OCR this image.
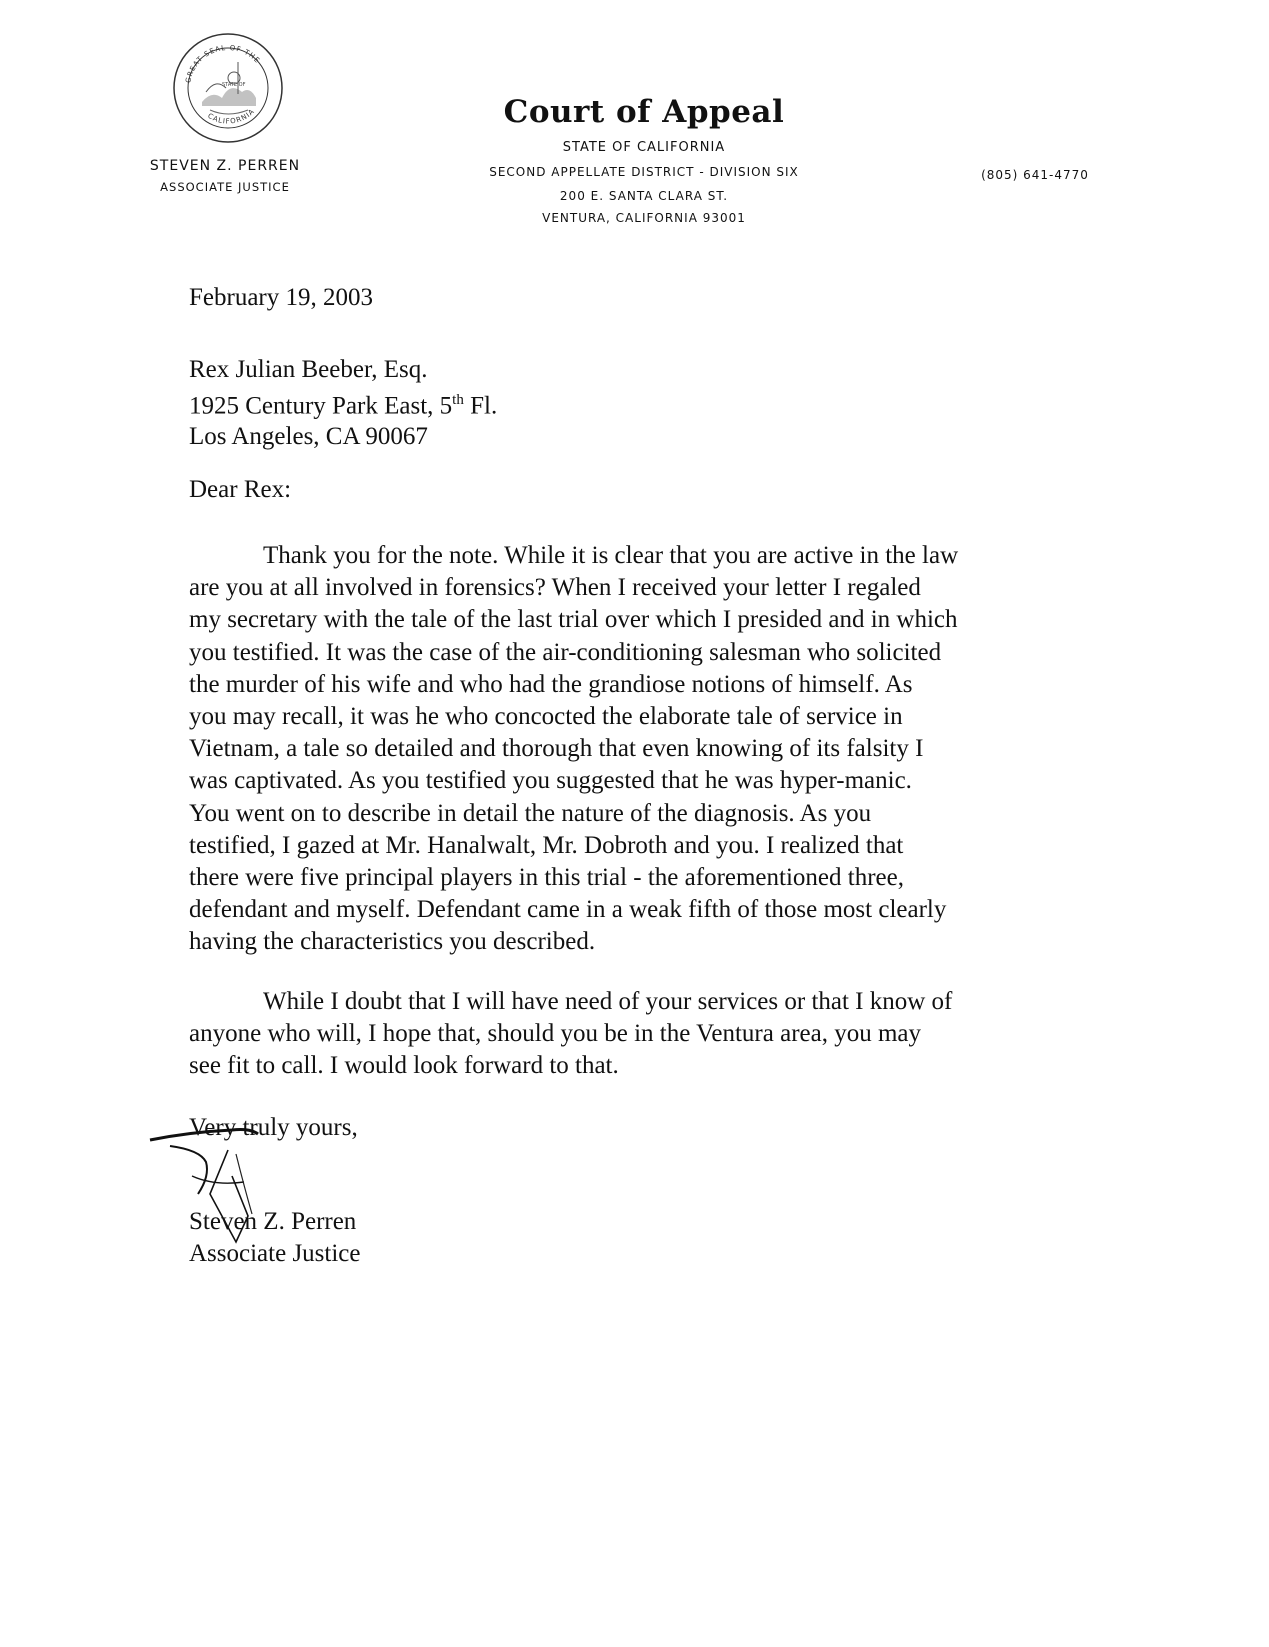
GREAT SEAL OF THE
CALIFORNIA
STATE OF
STEVEN Z. PERREN
ASSOCIATE JUSTICE
Court of Appeal
STATE OF CALIFORNIA
SECOND APPELLATE DISTRICT - DIVISION SIX
200 E. SANTA CLARA ST.
VENTURA, CALIFORNIA 93001
(805) 641-4770
February 19, 2003
Rex Julian Beeber, Esq.
1925 Century Park East, 5th Fl.
Los Angeles, CA 90067
Dear Rex:
Thank you for the note. While it is clear that you are active in the law
are you at all involved in forensics? When I received your letter I regaled
my secretary with the tale of the last trial over which I presided and in which
you testified. It was the case of the air-conditioning salesman who solicited
the murder of his wife and who had the grandiose notions of himself. As
you may recall, it was he who concocted the elaborate tale of service in
Vietnam, a tale so detailed and thorough that even knowing of its falsity I
was captivated. As you testified you suggested that he was hyper-manic.
You went on to describe in detail the nature of the diagnosis. As you
testified, I gazed at Mr. Hanalwalt, Mr. Dobroth and you. I realized that
there were five principal players in this trial - the aforementioned three,
defendant and myself. Defendant came in a weak fifth of those most clearly
having the characteristics you described.
While I doubt that I will have need of your services or that I know of
anyone who will, I hope that, should you be in the Ventura area, you may
see fit to call. I would look forward to that.
Very truly yours,
Steven Z. Perren
Associate Justice
